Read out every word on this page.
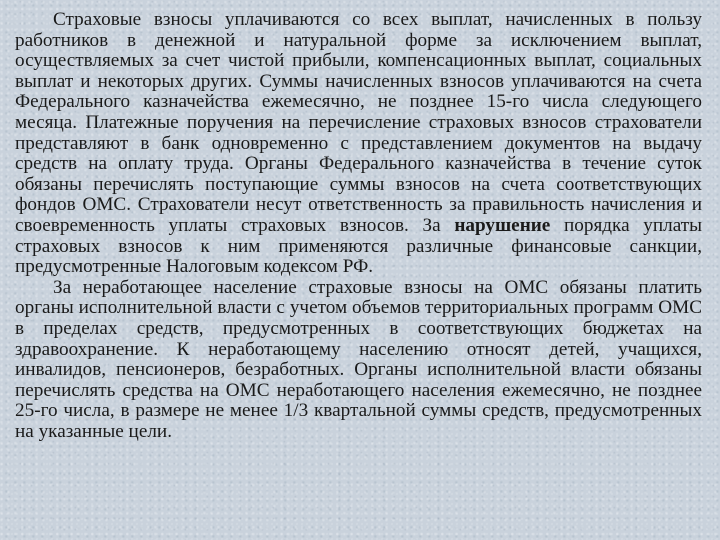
Страховые взносы уплачиваются со всех выплат, начисленных в пользу работников в денежной и натуральной форме за исключением выплат, осуществляемых за счет чистой прибыли, компенсационных выплат, социальных выплат и некоторых других. Суммы начисленных взносов уплачиваются на счета Федерального казначейства ежемесячно, не позднее 15-го числа следующего месяца. Платежные поручения на перечисление страховых взносов страхователи представляют в банк одновременно с представлением документов на выдачу средств на оплату труда. Органы Федерального казначейства в течение суток обязаны перечислять поступающие суммы взносов на счета соответствующих фондов ОМС. Страхователи несут ответственность за правильность начисления и своевременность уплаты страховых взносов. За нарушение порядка уплаты страховых взносов к ним применяются различные финансовые санкции, предусмотренные Налоговым кодексом РФ.

За неработающее население страховые взносы на ОМС обязаны платить органы исполнительной власти с учетом объемов территориальных программ ОМС в пределах средств, предусмотренных в соответствующих бюджетах на здравоохранение. К неработающему населению относят детей, учащихся, инвалидов, пенсионеров, безработных. Органы исполнительной власти обязаны перечислять средства на ОМС неработающего населения ежемесячно, не позднее 25-го числа, в размере не менее 1/3 квартальной суммы средств, предусмотренных на указанные цели.
